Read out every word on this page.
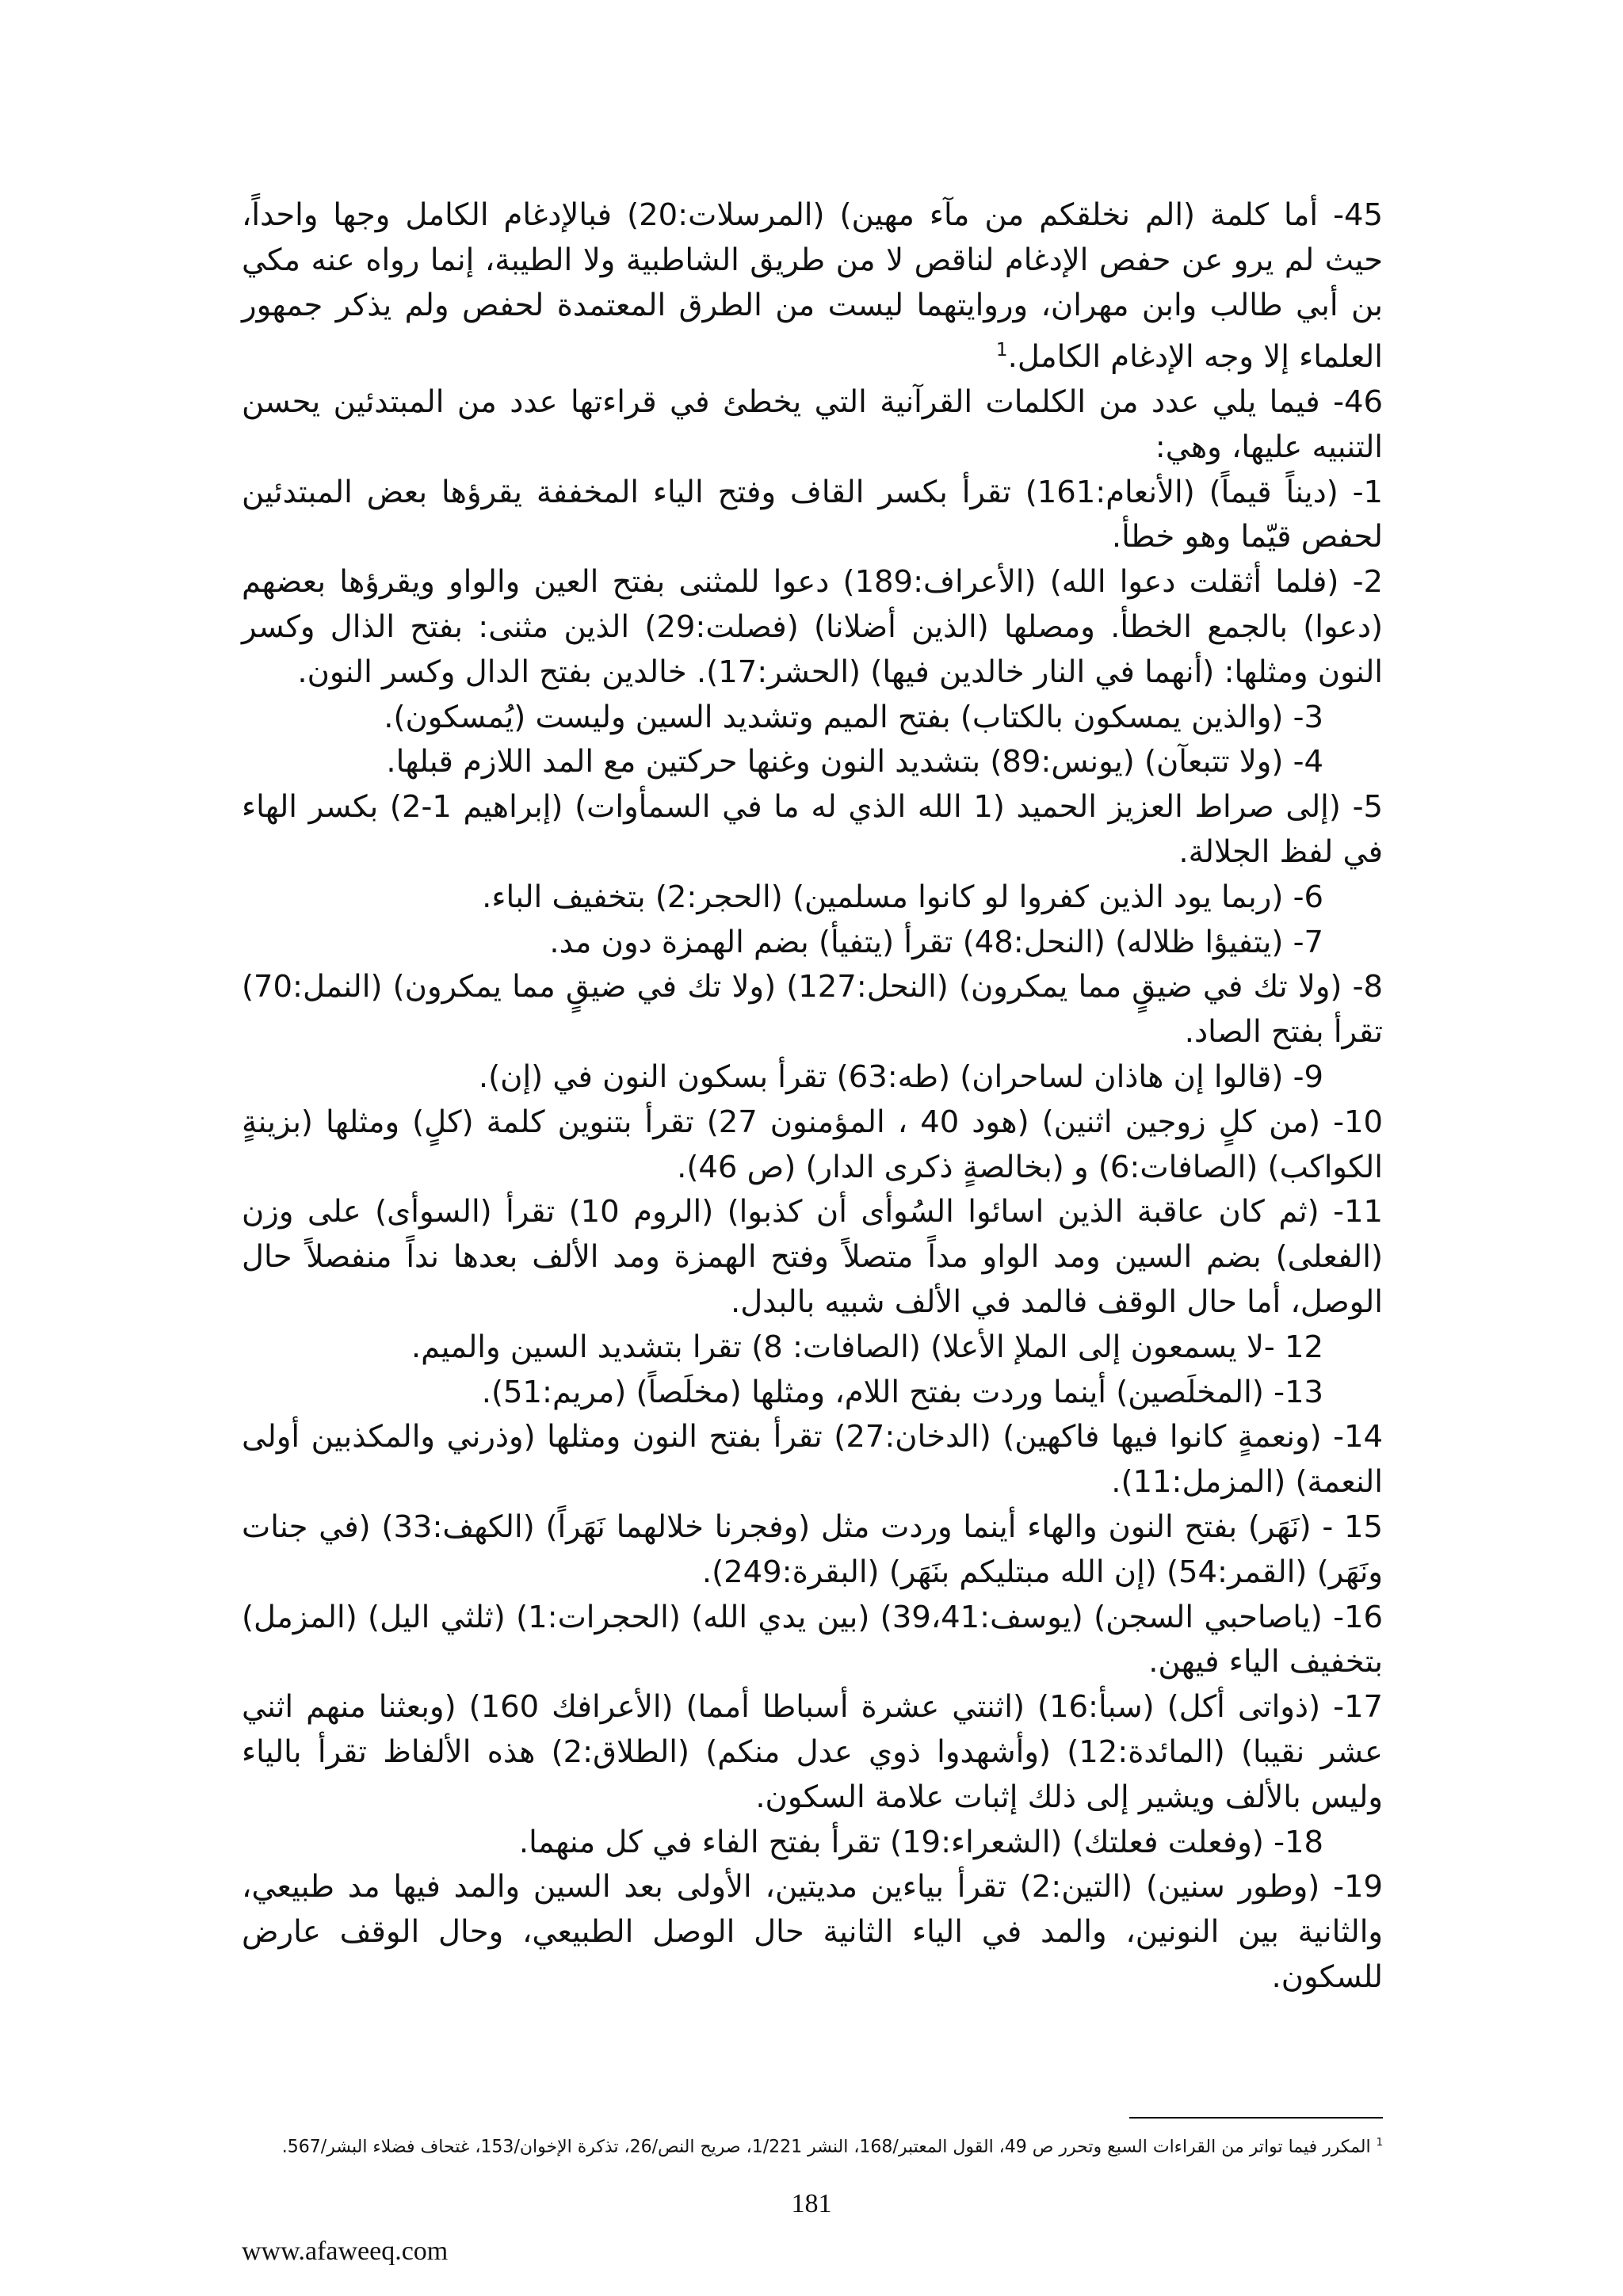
45- أما كلمة (الم نخلقكم من مآء مهين) (المرسلات:20) فبالإدغام الكامل وجها واحداً، حيث لم يرو عن حفص الإدغام لناقص لا من طريق الشاطبية ولا الطيبة، إنما رواه عنه مكي بن أبي طالب وابن مهران، وروايتهما ليست من الطرق المعتمدة لحفص ولم يذكر جمهور العلماء إلا وجه الإدغام الكامل.$^1$

46- فيما يلي عدد من الكلمات القرآنية التي يخطئ في قراءتها عدد من المبتدئين يحسن التنبيه عليها، وهي:

1- (ديناً قيماً) (الأنعام:161) تقرأ بكسر القاف وفتح الياء المخففة يقرؤها بعض المبتدئين لحفص قيّما وهو خطأ.

2- (فلما أثقلت دعوا الله) (الأعراف:189) دعوا للمثنى بفتح العين والواو ويقرؤها بعضهم (دعوا) بالجمع الخطأ. ومصلها (الذين أضلانا) (فصلت:29) الذين مثنى: بفتح الذال وكسر النون ومثلها: (أنهما في النار خالدين فيها) (الحشر:17). خالدين بفتح الدال وكسر النون.

3- (والذين يمسكون بالكتاب) بفتح الميم وتشديد السين وليست (يُمسكون).

4- (ولا تتبعآن) (يونس:89) بتشديد النون وغنها حركتين مع المد اللازم قبلها.

5- (إلى صراط العزيز الحميد (1 الله الذي له ما في السمأوات) (إبراهيم 1-2) بكسر الهاء في لفظ الجلالة.

6- (ربما يود الذين كفروا لو كانوا مسلمين) (الحجر:2) بتخفيف الباء.

7- (يتفيؤا ظلاله) (النحل:48) تقرأ (يتفيأ) بضم الهمزة دون مد.

8- (ولا تك في ضيقٍ مما يمكرون) (النحل:127) (ولا تك في ضيقٍ مما يمكرون) (النمل:70) تقرأ بفتح الصاد.

9- (قالوا إن هاذان لساحران) (طه:63) تقرأ بسكون النون في (إن).

10- (من كلٍ زوجين اثنين) (هود 40 ، المؤمنون 27) تقرأ بتنوين كلمة (كلٍ) ومثلها (بزينةٍ الكواكب) (الصافات:6) و (بخالصةٍ ذكرى الدار) (ص 46).

11- (ثم كان عاقبة الذين اسائوا السُوأى أن كذبوا) (الروم 10) تقرأ (السوأى) على وزن (الفعلى) بضم السين ومد الواو مداً متصلاً وفتح الهمزة ومد الألف بعدها نداً منفصلاً حال الوصل، أما حال الوقف فالمد في الألف شبيه بالبدل.

12 -لا يسمعون إلى الملإ الأعلا) (الصافات: 8) تقرا بتشديد السين والميم.

13- (المخلَصين) أينما وردت بفتح اللام، ومثلها (مخلَصاً) (مريم:51).

14- (ونعمةٍ كانوا فيها فاكهين) (الدخان:27) تقرأ بفتح النون ومثلها (وذرني والمكذبين أولى النعمة) (المزمل:11).

15 - (نَهَر) بفتح النون والهاء أينما وردت مثل (وفجرنا خلالهما نَهَراً) (الكهف:33) (في جنات ونَهَر) (القمر:54) (إن الله مبتليكم بنَهَر) (البقرة:249).

16- (ياصاحبي السجن) (يوسف:39،41) (بين يدي الله) (الحجرات:1) (ثلثي اليل) (المزمل) بتخفيف الياء فيهن.

17- (ذواتى أكل) (سبأ:16) (اثنتي عشرة أسباطا أمما) (الأعرافك 160) (وبعثنا منهم اثني عشر نقيبا) (المائدة:12) (وأشهدوا ذوي عدل منكم) (الطلاق:2) هذه الألفاظ تقرأ بالياء وليس بالألف ويشير إلى ذلك إثبات علامة السكون.

18- (وفعلت فعلتك) (الشعراء:19) تقرأ بفتح الفاء في كل منهما.

19- (وطور سنين) (التين:2) تقرأ بياءين مديتين، الأولى بعد السين والمد فيها مد طبيعي، والثانية بين النونين، والمد في الياء الثانية حال الوصل الطبيعي، وحال الوقف عارض للسكون.

$^1$ المكرر فيما تواتر من القراءات السبع وتحرر ص 49، القول المعتبر/168، النشر 1/221، صريح النص/26، تذكرة الإخوان/153، غتحاف فضلاء البشر/567.
181
www.afaweeq.com
